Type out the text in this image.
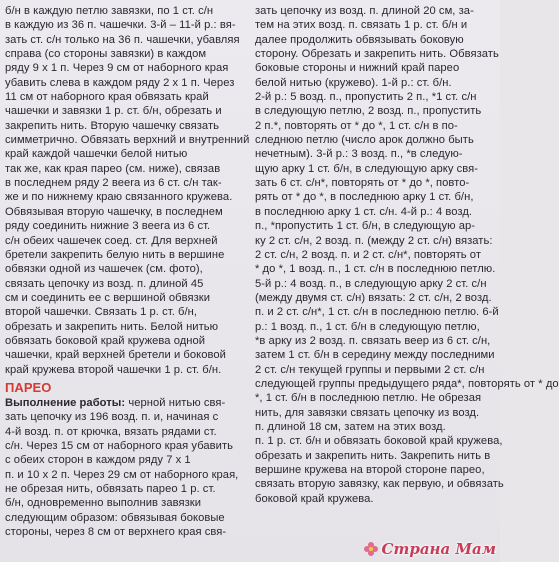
б/н в каждую петлю завязки, по 1 ст. с/н
в каждую из 36 п. чашечки. 3-й – 11-й р.: вя-
зать ст. с/н только на 36 п. чашечки, убавляя
справа (со стороны завязки) в каждом
ряду 9 х 1 п. Через 9 см от наборного края
убавить слева в каждом ряду 2 х 1 п. Через
11 см от наборного края обвязать край
чашечки и завязки 1 р. ст. б/н, обрезать и
закрепить нить. Вторую чашечку связать
симметрично. Обвязать верхний и внутренний
край каждой чашечки белой нитью
так же, как края парео (см. ниже), связав
в последнем ряду 2 вееra из 6 ст. с/н так-
же и по нижнему краю связанного кружева.
Обвязывая вторую чашечку, в последнем
ряду соединить нижние 3 вееra из 6 ст.
с/н обеих чашечек соед. ст. Для верхней
бретели закрепить белую нить в вершине
обвязки одной из чашечек (см. фото),
связать цепочку из возд. п. длиной 45
см и соединить ее с вершиной обвязки
второй чашечки. Связать 1 р. ст. б/н,
обрезать и закрепить нить. Белой нитью
обвязать боковой край кружева одной
чашечки, край верхней бретели и боковой
край кружева второй чашечки 1 р. ст. б/н.
ПАРЕО
Выполнение работы: черной нитью свя-
зать цепочку из 196 возд. п. и, начиная с
4-й возд. п. от крючка, вязать рядами ст.
с/н. Через 15 см от наборного края убавить
с обеих сторон в каждом ряду 7 х 1
п. и 10 х 2 п. Через 29 см от наборного края,
не обрезая нить, обвязать парео 1 р. ст.
б/н, одновременно выполнив завязки
следующим образом: обвязывая боковые
стороны, через 8 см от верхнего края свя-
зать цепочку из возд. п. длиной 20 см, за-
тем на этих возд. п. связать 1 р. ст. б/н и
далее продолжить обвязывать боковую
сторону. Обрезать и закрепить нить. Обвязать
боковые стороны и нижний край парео
белой нитью (кружево). 1-й р.: ст. б/н.
2-й р.: 5 возд. п., пропустить 2 п., *1 ст. с/н
в следующую петлю, 2 возд. п., пропустить
2 п.*, повторять от * до *, 1 ст. с/н в по-
следнюю петлю (число арок должно быть
нечетным). 3-й р.: 3 возд. п., *в следую-
щую арку 1 ст. б/н, в следующую арку свя-
зать 6 ст. с/н*, повторять от * до *, повто-
рять от * до *, в последнюю арку 1 ст. б/н,
в последнюю арку 1 ст. с/н. 4-й р.: 4 возд.
п., *пропустить 1 ст. б/н, в следующую ар-
ку 2 ст. с/н, 2 возд. п. (между 2 ст. с/н) вязать:
2 ст. с/н, 2 возд. п. и 2 ст. с/н*, повторять от
* до *, 1 возд. п., 1 ст. с/н в последнюю петлю.
5-й р.: 4 возд. п., в следующую арку 2 ст. с/н
(между двумя ст. с/н) вязать: 2 ст. с/н, 2 возд.
п. и 2 ст. с/н*, 1 ст. с/н в последнюю петлю. 6-й
р.: 1 возд. п., 1 ст. б/н в следующую петлю,
*в арку из 2 возд. п. связать веер из 6 ст. с/н,
затем 1 ст. б/н в середину между последними
2 ст. с/н текущей группы и первыми 2 ст. с/н
следующей группы предыдущего ряда*, повторять от * до
*, 1 ст. б/н в последнюю петлю. Не обрезая
нить, для завязки связать цепочку из возд.
п. длиной 18 см, затем на этих возд.
п. 1 р. ст. б/н и обвязать боковой край кружева,
обрезать и закрепить нить. Закрепить нить в
вершине кружева на второй стороне парео,
связать вторую завязку, как первую, и обвязать
боковой край кружева.
Страна Мам
